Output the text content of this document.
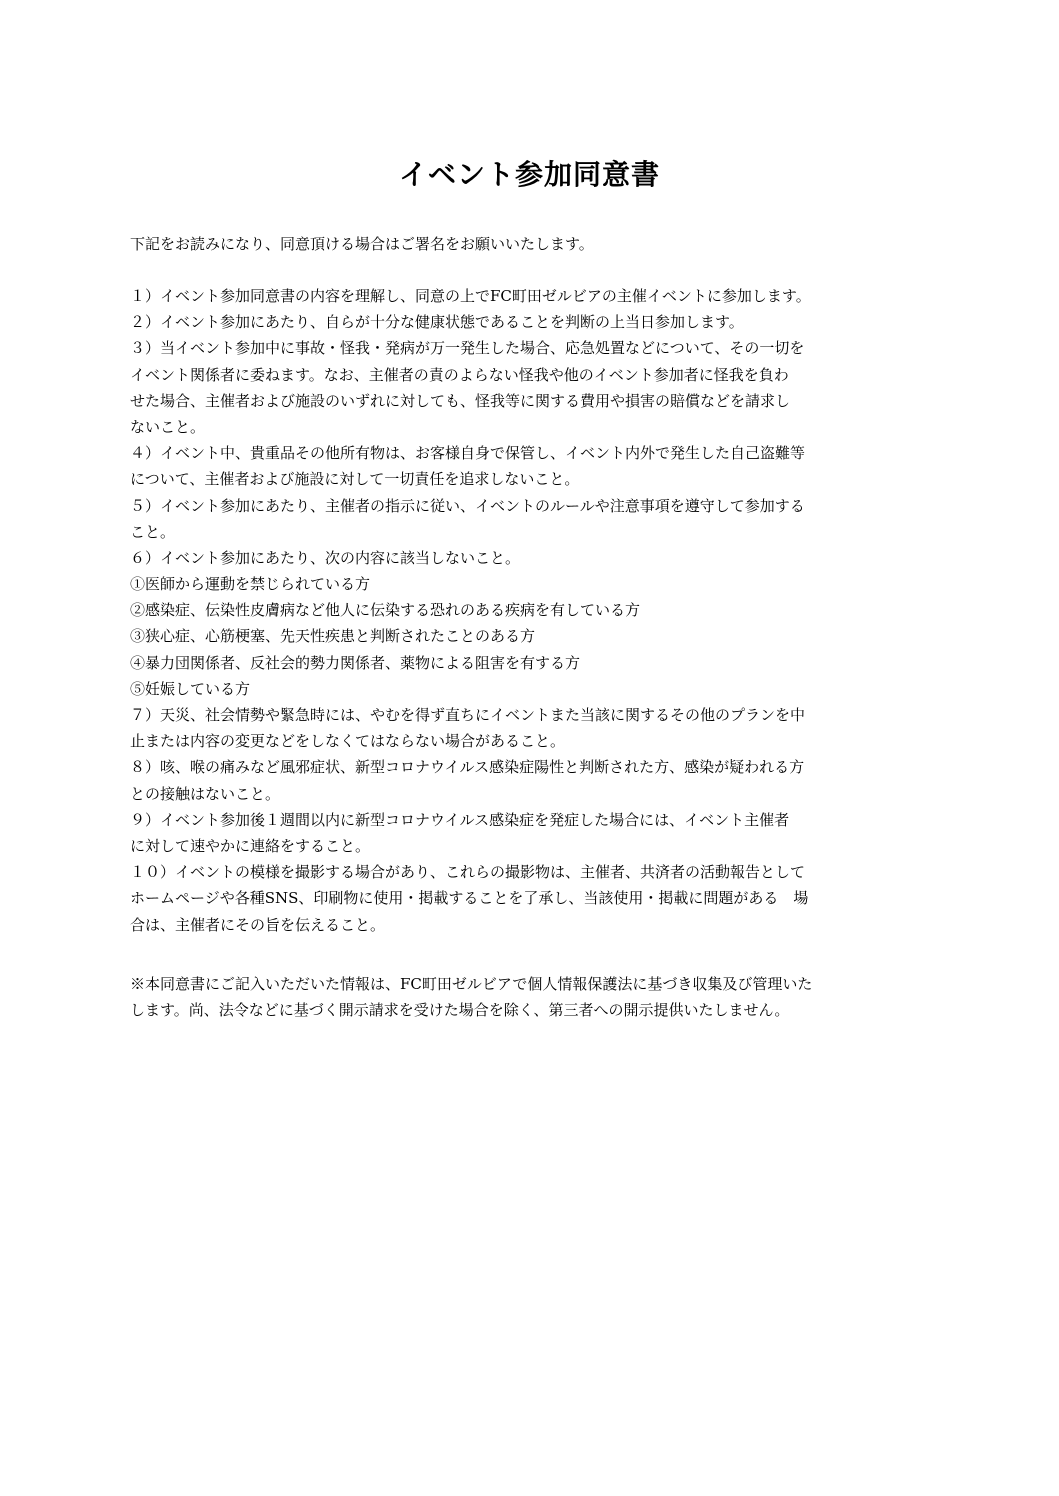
イベント参加同意書
下記をお読みになり、同意頂ける場合はご署名をお願いいたします。
１）イベント参加同意書の内容を理解し、同意の上でFC町田ゼルビアの主催イベントに参加します。
２）イベント参加にあたり、自らが十分な健康状態であることを判断の上当日参加します。
３）当イベント参加中に事故・怪我・発病が万一発生した場合、応急処置などについて、その一切を
イベント関係者に委ねます。なお、主催者の責のよらない怪我や他のイベント参加者に怪我を負わ
せた場合、主催者および施設のいずれに対しても、怪我等に関する費用や損害の賠償などを請求し
ないこと。
４）イベント中、貴重品その他所有物は、お客様自身で保管し、イベント内外で発生した自己盗難等
について、主催者および施設に対して一切責任を追求しないこと。
５）イベント参加にあたり、主催者の指示に従い、イベントのルールや注意事項を遵守して参加する
こと。
６）イベント参加にあたり、次の内容に該当しないこと。
①医師から運動を禁じられている方
②感染症、伝染性皮膚病など他人に伝染する恐れのある疾病を有している方
③狭心症、心筋梗塞、先天性疾患と判断されたことのある方
④暴力団関係者、反社会的勢力関係者、薬物による阻害を有する方
⑤妊娠している方
７）天災、社会情勢や緊急時には、やむを得ず直ちにイベントまた当該に関するその他のプランを中
止または内容の変更などをしなくてはならない場合があること。
８）咳、喉の痛みなど風邪症状、新型コロナウイルス感染症陽性と判断された方、感染が疑われる方
との接触はないこと。
９）イベント参加後１週間以内に新型コロナウイルス感染症を発症した場合には、イベント主催者
に対して速やかに連絡をすること。
１０）イベントの模様を撮影する場合があり、これらの撮影物は、主催者、共済者の活動報告として
ホームページや各種SNS、印刷物に使用・掲載することを了承し、当該使用・掲載に問題がある　場
合は、主催者にその旨を伝えること。
※本同意書にご記入いただいた情報は、FC町田ゼルビアで個人情報保護法に基づき収集及び管理いた
します。尚、法令などに基づく開示請求を受けた場合を除く、第三者への開示提供いたしません。
